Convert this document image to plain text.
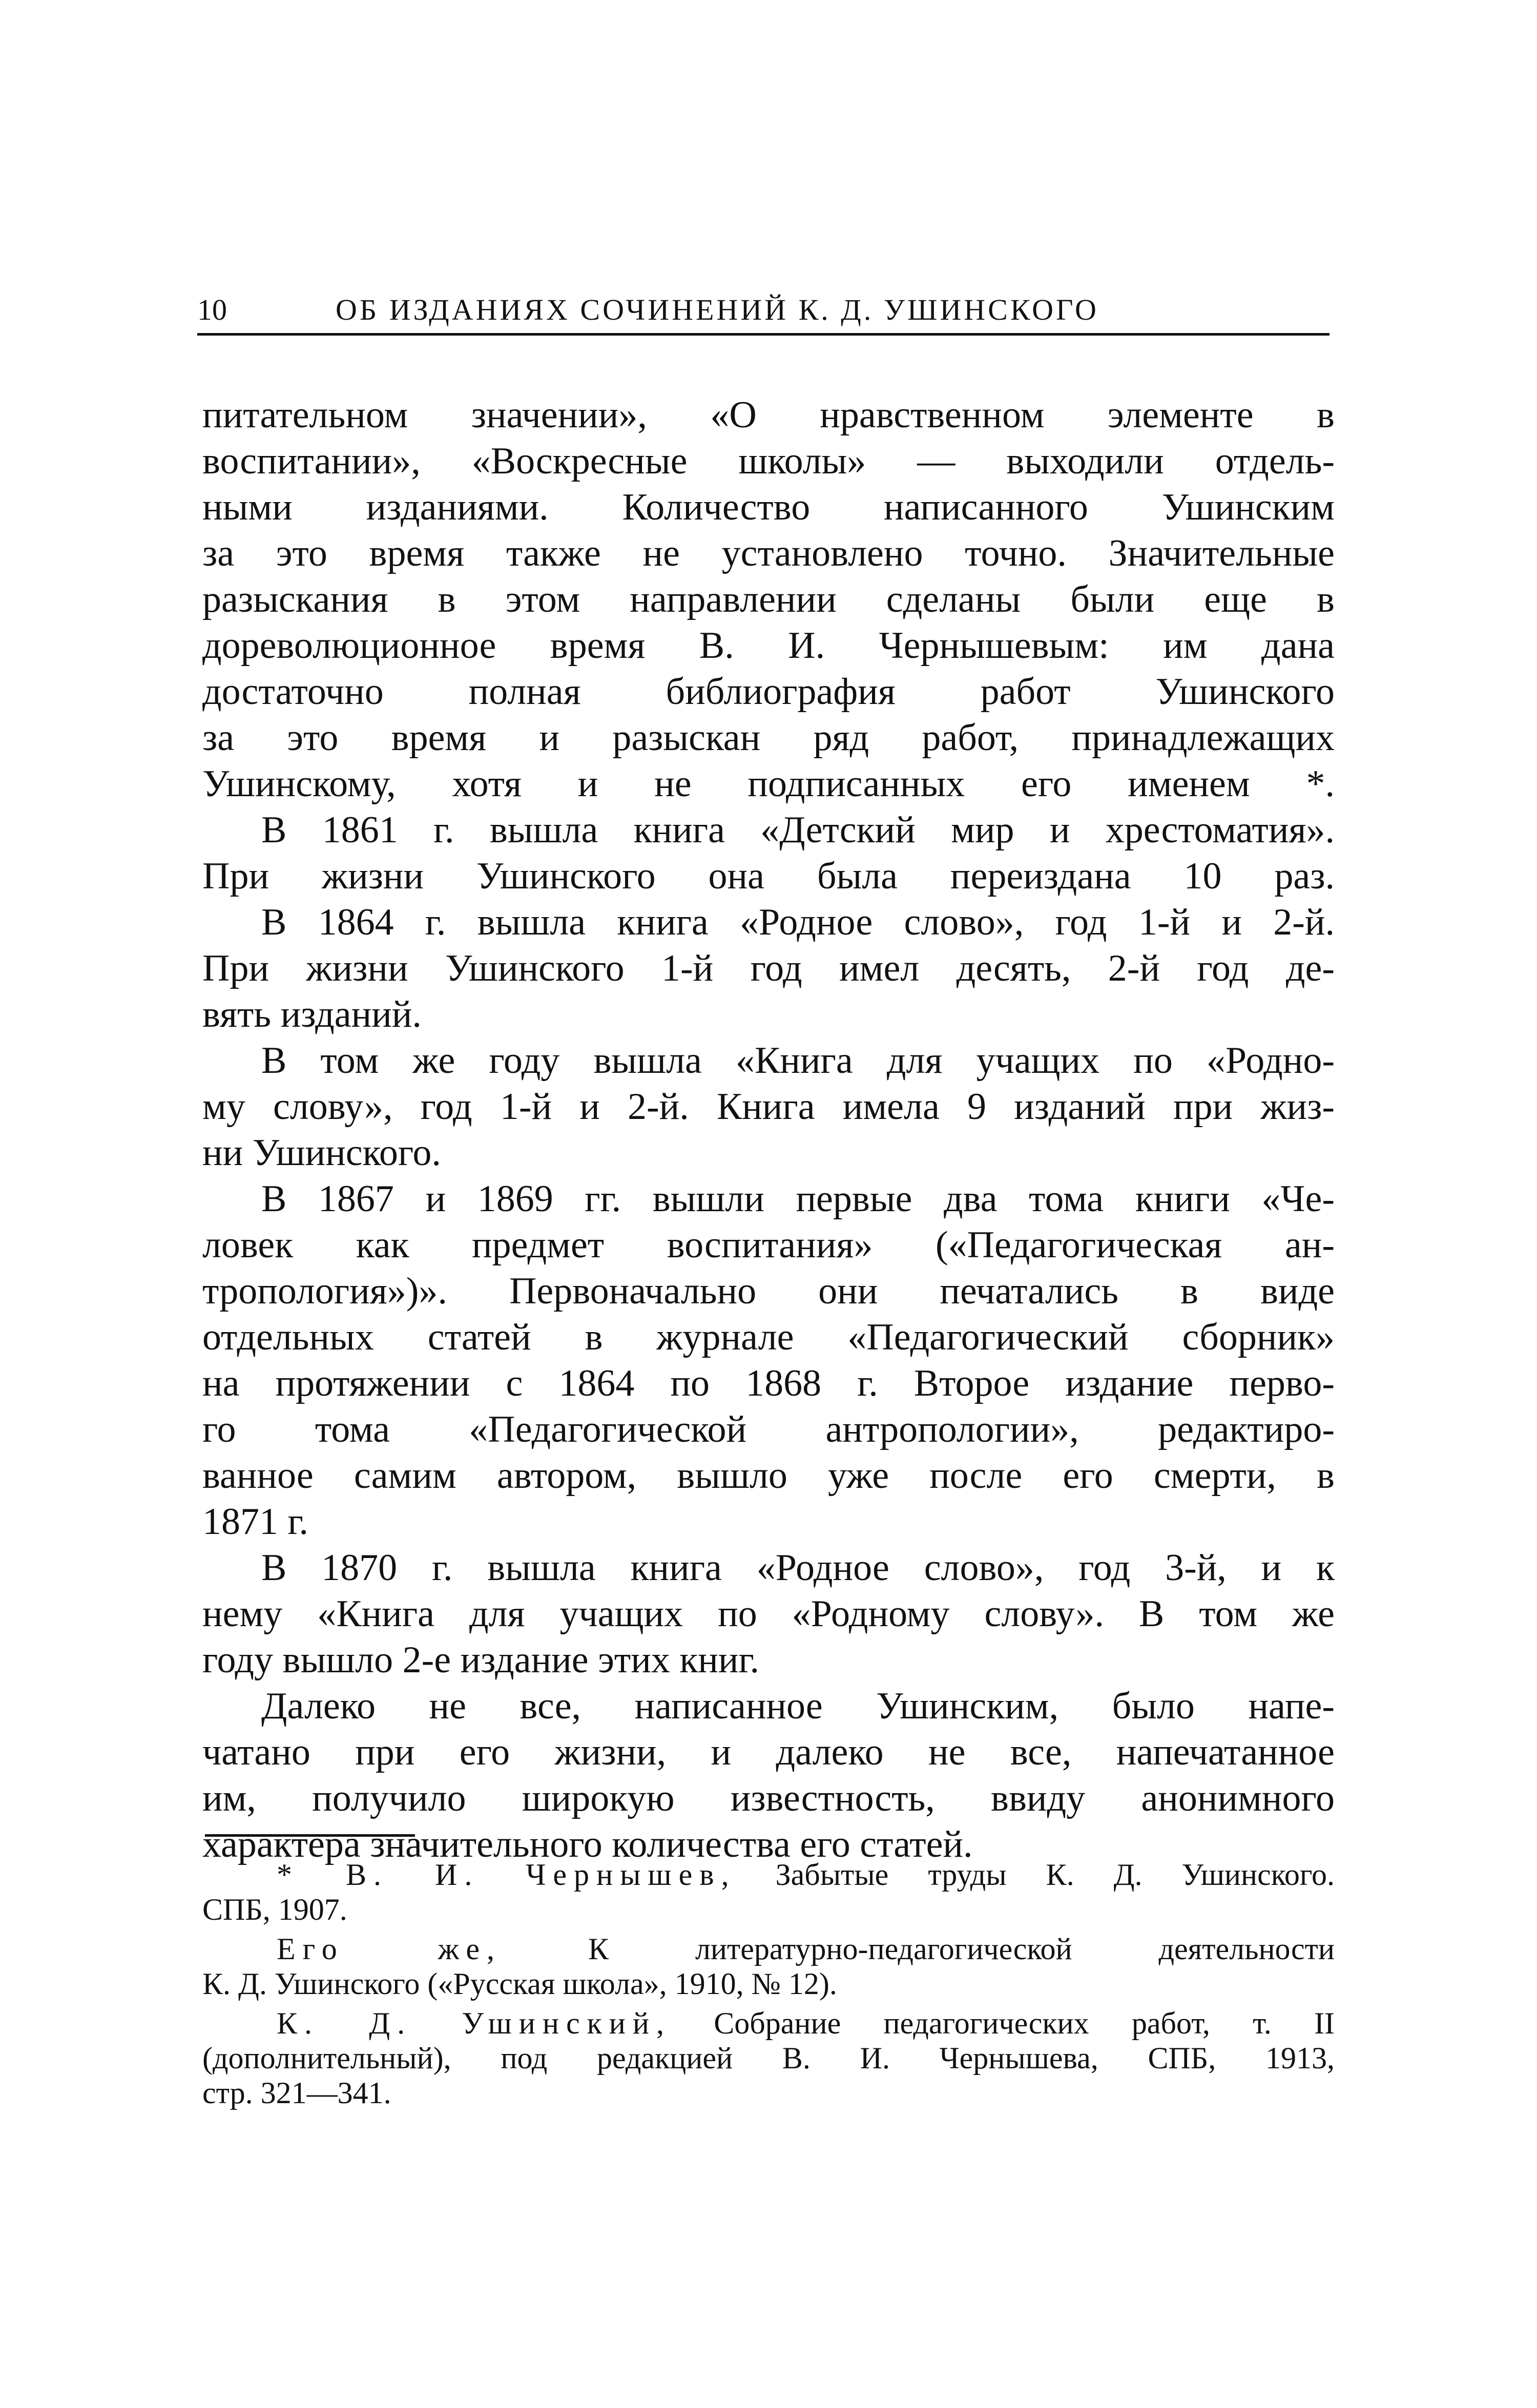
10	ОБ ИЗДАНИЯХ СОЧИНЕНИЙ К. Д. УШИНСКОГО
питательном значении», «О нравственном элементе в
воспитании», «Воскресные школы» — выходили отдель-
ными изданиями. Количество написанного Ушинским
за это время также не установлено точно. Значительные
разыскания в этом направлении сделаны были еще в
дореволюционное время В. И. Чернышевым: им дана
достаточно полная библиография работ Ушинского
за это время и разыскан ряд работ, принадлежащих
Ушинскому, хотя и не подписанных его именем *.
В 1861 г. вышла книга «Детский мир и хрестоматия».
При жизни Ушинского она была переиздана 10 раз.
В 1864 г. вышла книга «Родное слово», год 1-й и 2-й.
При жизни Ушинского 1-й год имел десять, 2-й год де-
вять изданий.
В том же году вышла «Книга для учащих по «Родно-
му слову», год 1-й и 2-й. Книга имела 9 изданий при жиз-
ни Ушинского.
В 1867 и 1869 гг. вышли первые два тома книги «Че-
ловек как предмет воспитания» («Педагогическая ан-
тропология»)». Первоначально они печатались в виде
отдельных статей в журнале «Педагогический сборник»
на протяжении с 1864 по 1868 г. Второе издание перво-
го тома «Педагогической антропологии», редактиро-
ванное самим автором, вышло уже после его смерти, в
1871 г.
В 1870 г. вышла книга «Родное слово», год 3-й, и к
нему «Книга для учащих по «Родному слову». В том же
году вышло 2-е издание этих книг.
Далеко не все, написанное Ушинским, было напе-
чатано при его жизни, и далеко не все, напечатанное
им, получило широкую известность, ввиду анонимного
характера значительного количества его статей.
* В. И. Чернышев, Забытые труды К. Д. Ушинского.
СПБ, 1907.
Его же,	К литературно-педагогической деятельности
К. Д. Ушинского («Русская школа», 1910, № 12).
К. Д. Ушинский, Собрание педагогических работ, т. II
(дополнительный), под редакцией В. И. Чернышева, СПБ, 1913,
стр. 321—341.
